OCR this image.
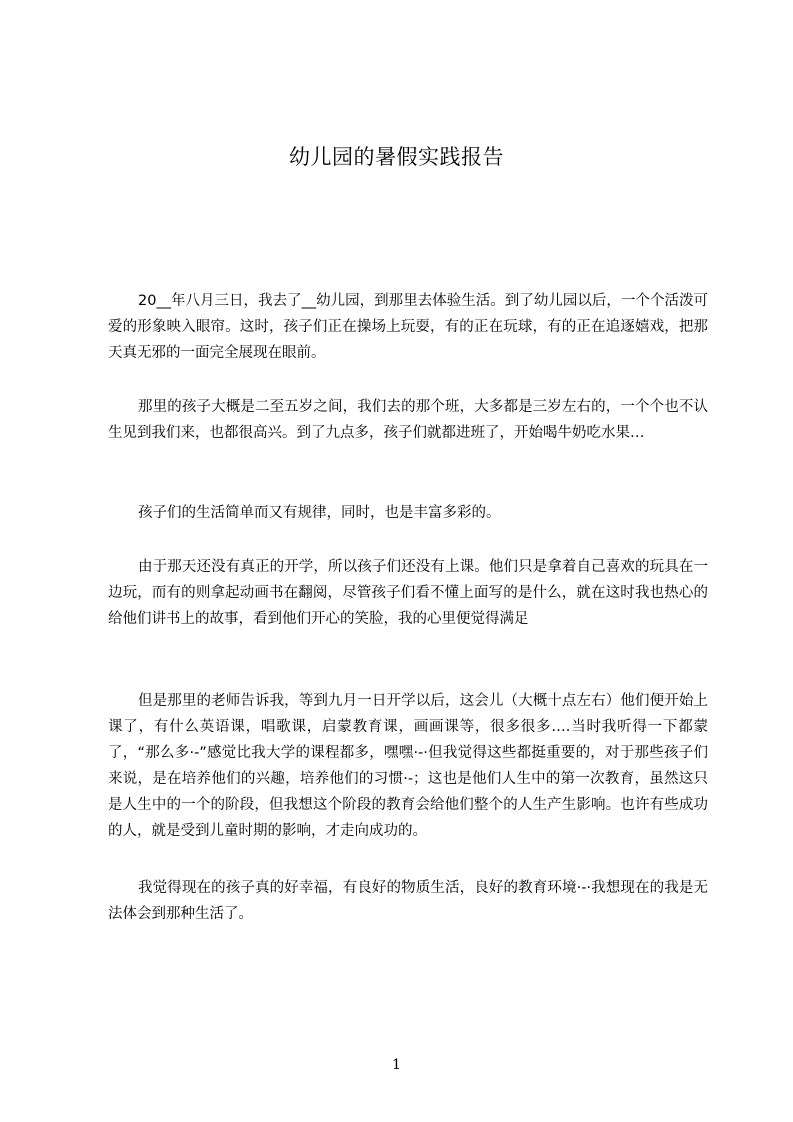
幼儿园的暑假实践报告

20__年八月三日，我去了__幼儿园，到那里去体验生活。到了幼儿园以后，一个个活泼可爱的形象映入眼帘。这时，孩子们正在操场上玩耍，有的正在玩球，有的正在追逐嬉戏，把那天真无邪的一面完全展现在眼前。

那里的孩子大概是二至五岁之间，我们去的那个班，大多都是三岁左右的，一个个也不认生见到我们来，也都很高兴。到了九点多，孩子们就都进班了，开始喝牛奶吃水果…

孩子们的生活简单而又有规律，同时，也是丰富多彩的。

由于那天还没有真正的开学，所以孩子们还没有上课。他们只是拿着自己喜欢的玩具在一边玩，而有的则拿起动画书在翻阅，尽管孩子们看不懂上面写的是什么，就在这时我也热心的给他们讲书上的故事，看到他们开心的笑脸，我的心里便觉得满足

但是那里的老师告诉我，等到九月一日开学以后，这会儿（大概十点左右）他们便开始上课了，有什么英语课，唱歌课，启蒙教育课，画画课等，很多很多….当时我听得一下都蒙了，“那么多·-”感觉比我大学的课程都多，嘿嘿·-·但我觉得这些都挺重要的，对于那些孩子们来说，是在培养他们的兴趣，培养他们的习惯·-；这也是他们人生中的第一次教育，虽然这只是人生中的一个的阶段，但我想这个阶段的教育会给他们整个的人生产生影响。也许有些成功的人，就是受到儿童时期的影响，才走向成功的。

我觉得现在的孩子真的好幸福，有良好的物质生活，良好的教育环境·-·我想现在的我是无法体会到那种生活了。

1
